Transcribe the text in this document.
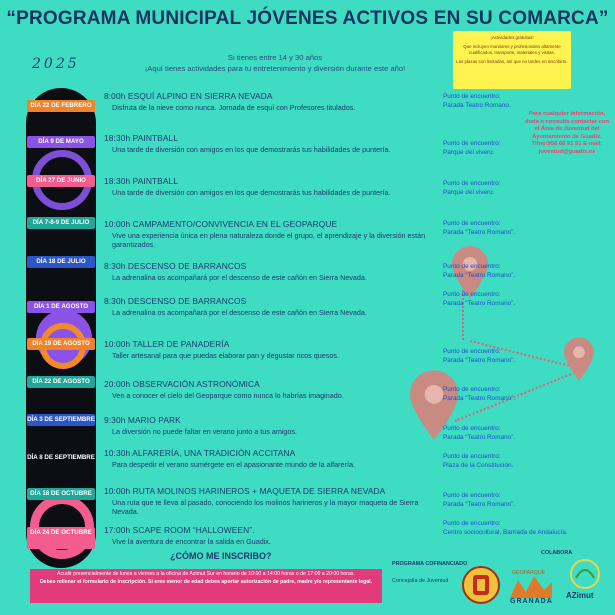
“PROGRAMA MUNICIPAL JÓVENES ACTIVOS EN SU COMARCA”
2025	Si tienes entre 14 y 30 años
¡Aquí tienes actividades para tu entretenimiento y diversión durante este año!

¡Actividades gratuitas!

Que incluyen monitores y profesionales altamente cualificados, transporte, materiales y visitas.

Las plazas son limitadas, así que no tardes en inscribirte.

Para cualquier información, duda o consulta contactar con el Área de Juventud del Ayuntamiento de Guadix. Tlfno:958 66 91 51 E-mail: juventud@guadix.es
DÍA 22 DE FEBRERO
8:00h ESQUÍ ALPINO EN SIERRA NEVADA
Disfruta de la nieve como nunca. Jornada de esquí con Profesores titulados.
Punto de encuentro:
Parada Teatro Romano.
DÍA 9 DE MAYO	18:30h PAINTBALL
Una tarde de diversión con amigos en los que demostrarás tus habilidades de puntería.
Punto de encuentro:
Parque del vivero.
DÍA 27 DE JUNIO	18:30h PAINTBALL
Una tarde de diversión con amigos en los que demostrarás tus habilidades de puntería.
Punto de encuentro:
Parque del vivero.
DÍA 7-8-9 DE JULIO	10:00h CAMPAMENTO/CONVIVENCIA EN EL GEOPARQUE
Vive una experiencia única en plena naturaleza donde el grupo, el aprendizaje y la diversión están garantizados.
Punto de encuentro:
Parada “Teatro Romano”.
DÍA 18 DE JULIO	8:30h DESCENSO DE BARRANCOS
La adrenalina os acompañará por el descenso de este cañón en Sierra Nevada.
Punto de encuentro:
Parada “Teatro Romano”.
DÍA 1 DE AGOSTO
8:30h DESCENSO DE BARRANCOS
La adrenalina os acompañará por el descenso de este cañón en Sierra Nevada.
Punto de encuentro:
Parada “Teatro Romano”.
DÍA 19 DE AGOSTO	10:00h TALLER DE PANADERÍA
Taller artesanal para que puedas elaborar pan y degustar ricos quesos.	Punto de encuentro:
Parada “Teatro Romano”.
DÍA 22 DE AGOSTO	20:00h OBSERVACIÓN ASTRONÓMICA
Ven a conocer el cielo del Geoparque como nunca lo habrías imaginado.
Punto de encuentro:
Parada “Teatro Romano”.
DÍA 3 DE SEPTIEMBRE 9:30h MARIO PARK
La diversión no puede faltar en verano junto a tus amigos.	Punto de encuentro:
Parada “Teatro Romano”.
DÍA 8 DE SEPTIEMBRE 10:30h ALFARERÍA, UNA TRADICIÓN ACCITANA
Para despedir el verano sumérgete en el apasionante mundo de la alfarería.
Punto de encuentro:
Plaza de la Constitución.
DÍA 18 DE OCTUBRE	10:00h RUTA MOLINOS HARINEROS + MAQUETA DE SIERRA NEVADA
Una ruta que te lleva al pasado, conociendo los molinos harineros y la mayor maqueta de Sierra Nevada.
Punto de encuentro:
Parada “Teatro Romano”.
DÍA 24 DE OCTUBRE	17:00h SCAPE ROOM “HALLOWEEN”.
Vive la aventura de encontrar la salida en Guadix.
Punto de encuentro:
Centro sociocultural, Barriada de Andalucía.
¿CÓMO ME INSCRIBO?
Acudir presencialmente de lunes a viernes a la oficina de Azimut Sur en horario de 10:00 a 14:00 horas o de 17:00 a 20:00 horas.
Debes rellenar el formulario de inscripción. Si eres menor de edad debes aportar autorización de padre, madre y/o representante legal.
PROGRAMA COFINANCIADO
Concejalía de Juventud
COLABORA
GEOPARQUE
GRANADA
AZimut
